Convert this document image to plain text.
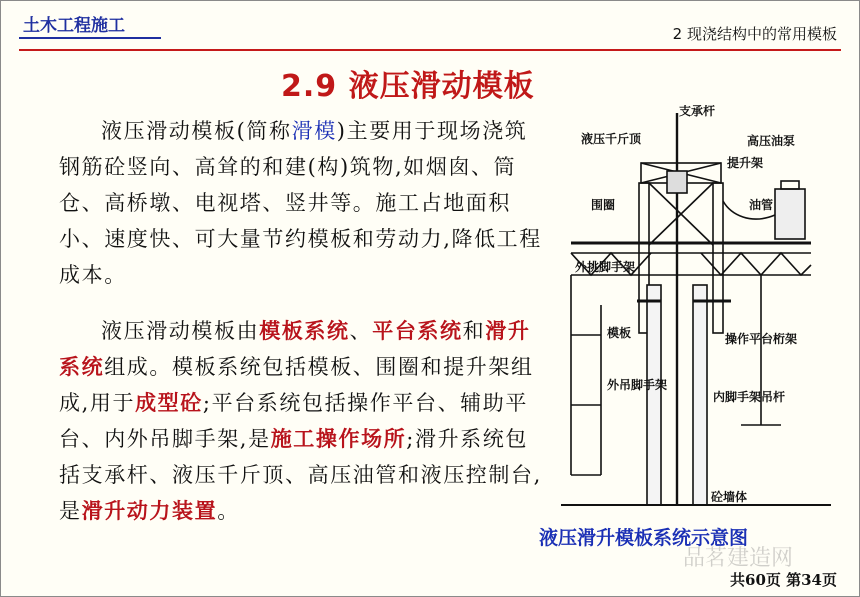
土木工程施工	2 现浇结构中的常用模板
2.9 液压滑动模板

液压滑动模板(简称滑模)主要用于现场浇筑钢筋砼竖向、高耸的和建(构)筑物,如烟囱、筒仓、高桥墩、电视塔、竖井等。施工占地面积小、速度快、可大量节约模板和劳动力,降低工程成本。

液压滑动模板由模板系统、平台系统和滑升系统组成。模板系统包括模板、围圈和提升架组成,用于成型砼;平台系统包括操作平台、辅助平台、内外吊脚手架,是施工操作场所;滑升系统包括支承杆、液压千斤顶、高压油管和液压控制台,是滑升动力装置。

支承杆
液压千斤顶	高压油泵
提升架
油管
围圈
外挑脚手架
模板	操作平台桁架
外吊脚手架
内脚手架吊杆
砼墙体
液压滑升模板系统示意图
品茗建造网
共60页 第34页
